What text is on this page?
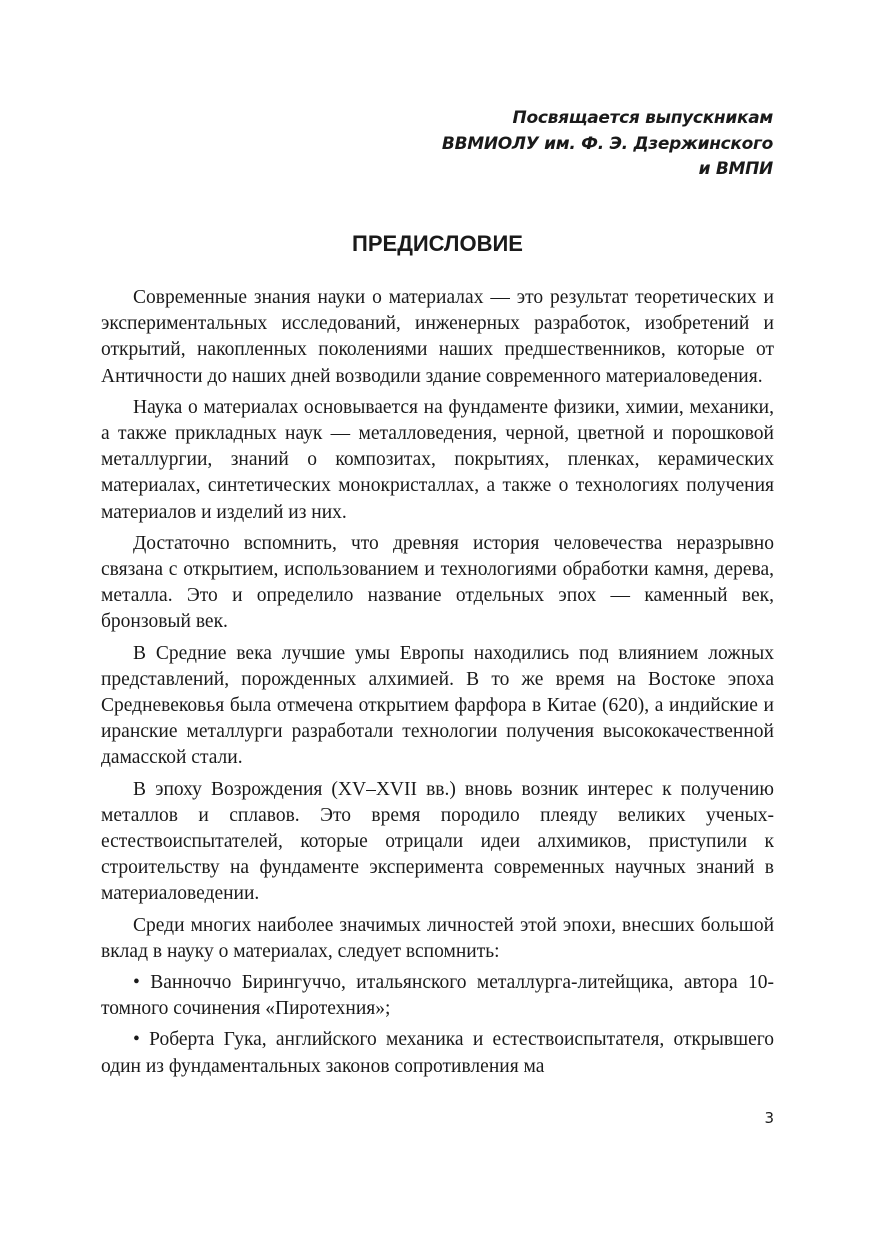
Посвящается выпускникам
ВВМИОЛУ им. Ф. Э. Дзержинского
и ВМПИ
ПРЕДИСЛОВИЕ

Современные знания науки о материалах — это результат теоретических и экспериментальных исследований, инженерных разработок, изобретений и открытий, накопленных поколениями наших предшественников, которые от Античности до наших дней возводили здание современного материаловедения.

Наука о материалах основывается на фундаменте физики, химии, механики, а также прикладных наук — металловедения, черной, цветной и порошковой металлургии, знаний о композитах, покрытиях, пленках, керамических материалах, синтетических монокристаллах, а также о технологиях получения материалов и изделий из них.

Достаточно вспомнить, что древняя история человечества неразрывно связана с открытием, использованием и технологиями обработки камня, дерева, металла. Это и определило название отдельных эпох — каменный век, бронзовый век.

В Средние века лучшие умы Европы находились под влиянием ложных представлений, порожденных алхимией. В то же время на Востоке эпоха Средневековья была отмечена открытием фарфора в Китае (620), а индийские и иранские металлурги разработали технологии получения высококачественной дамасской стали.

В эпоху Возрождения (XV–XVII вв.) вновь возник интерес к получению металлов и сплавов. Это время породило плеяду великих ученых-естествоиспытателей, которые отрицали идеи алхимиков, приступили к строительству на фундаменте эксперимента современных научных знаний в материаловедении.

Среди многих наиболее значимых личностей этой эпохи, внесших большой вклад в науку о материалах, следует вспомнить:

• Ванноччо Бирингуччо, итальянского металлурга-литейщика, автора 10-томного сочинения «Пиротехния»;

• Роберта Гука, английского механика и естествоиспытателя, открывшего один из фундаментальных законов сопротивления ма

3
